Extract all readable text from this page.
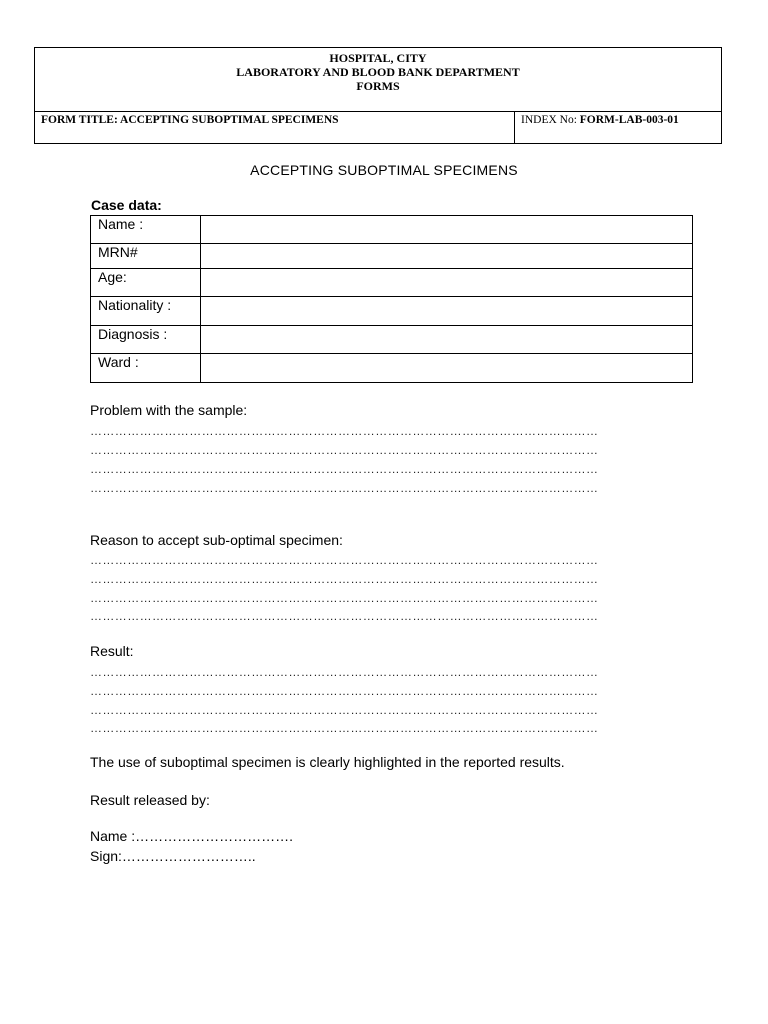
HOSPITAL, CITY
LABORATORY AND BLOOD BANK DEPARTMENT
FORMS
FORM TITLE: ACCEPTING SUBOPTIMAL SPECIMENS	INDEX No: FORM-LAB-003-01
ACCEPTING SUBOPTIMAL SPECIMENS
Case data:
Name :	
MRN#	
Age:	
Nationality :	
Diagnosis :	
Ward :	
Problem with the sample:
……………………………………………………………………………………………………………
……………………………………………………………………………………………………………
……………………………………………………………………………………………………………
……………………………………………………………………………………………………………
Reason to accept sub-optimal specimen:
……………………………………………………………………………………………………………
……………………………………………………………………………………………………………
……………………………………………………………………………………………………………
……………………………………………………………………………………………………………
Result:
……………………………………………………………………………………………………………
……………………………………………………………………………………………………………
……………………………………………………………………………………………………………
……………………………………………………………………………………………………………
The use of suboptimal specimen is clearly highlighted in the reported results.
Result released by:
Name :…………………………….
Sign:………………………..
